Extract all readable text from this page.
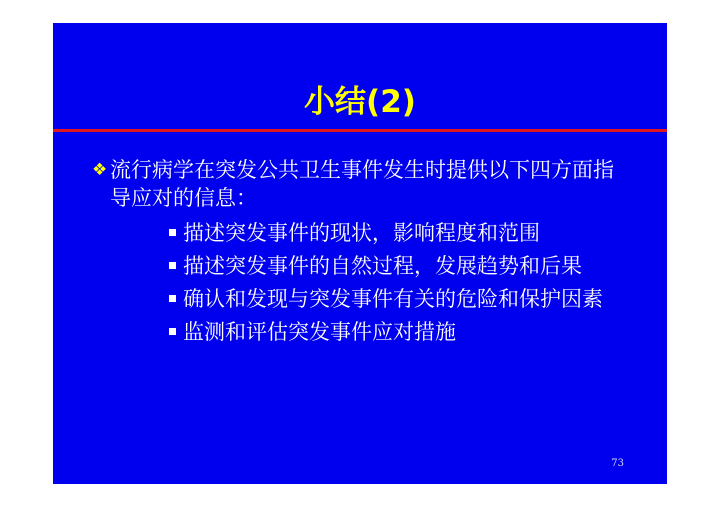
小结(2)
❖ 流行病学在突发公共卫生事件发生时提供以下四方面指导应对的信息：
描述突发事件的现状，影响程度和范围
描述突发事件的自然过程，发展趋势和后果
确认和发现与突发事件有关的危险和保护因素
监测和评估突发事件应对措施
73
